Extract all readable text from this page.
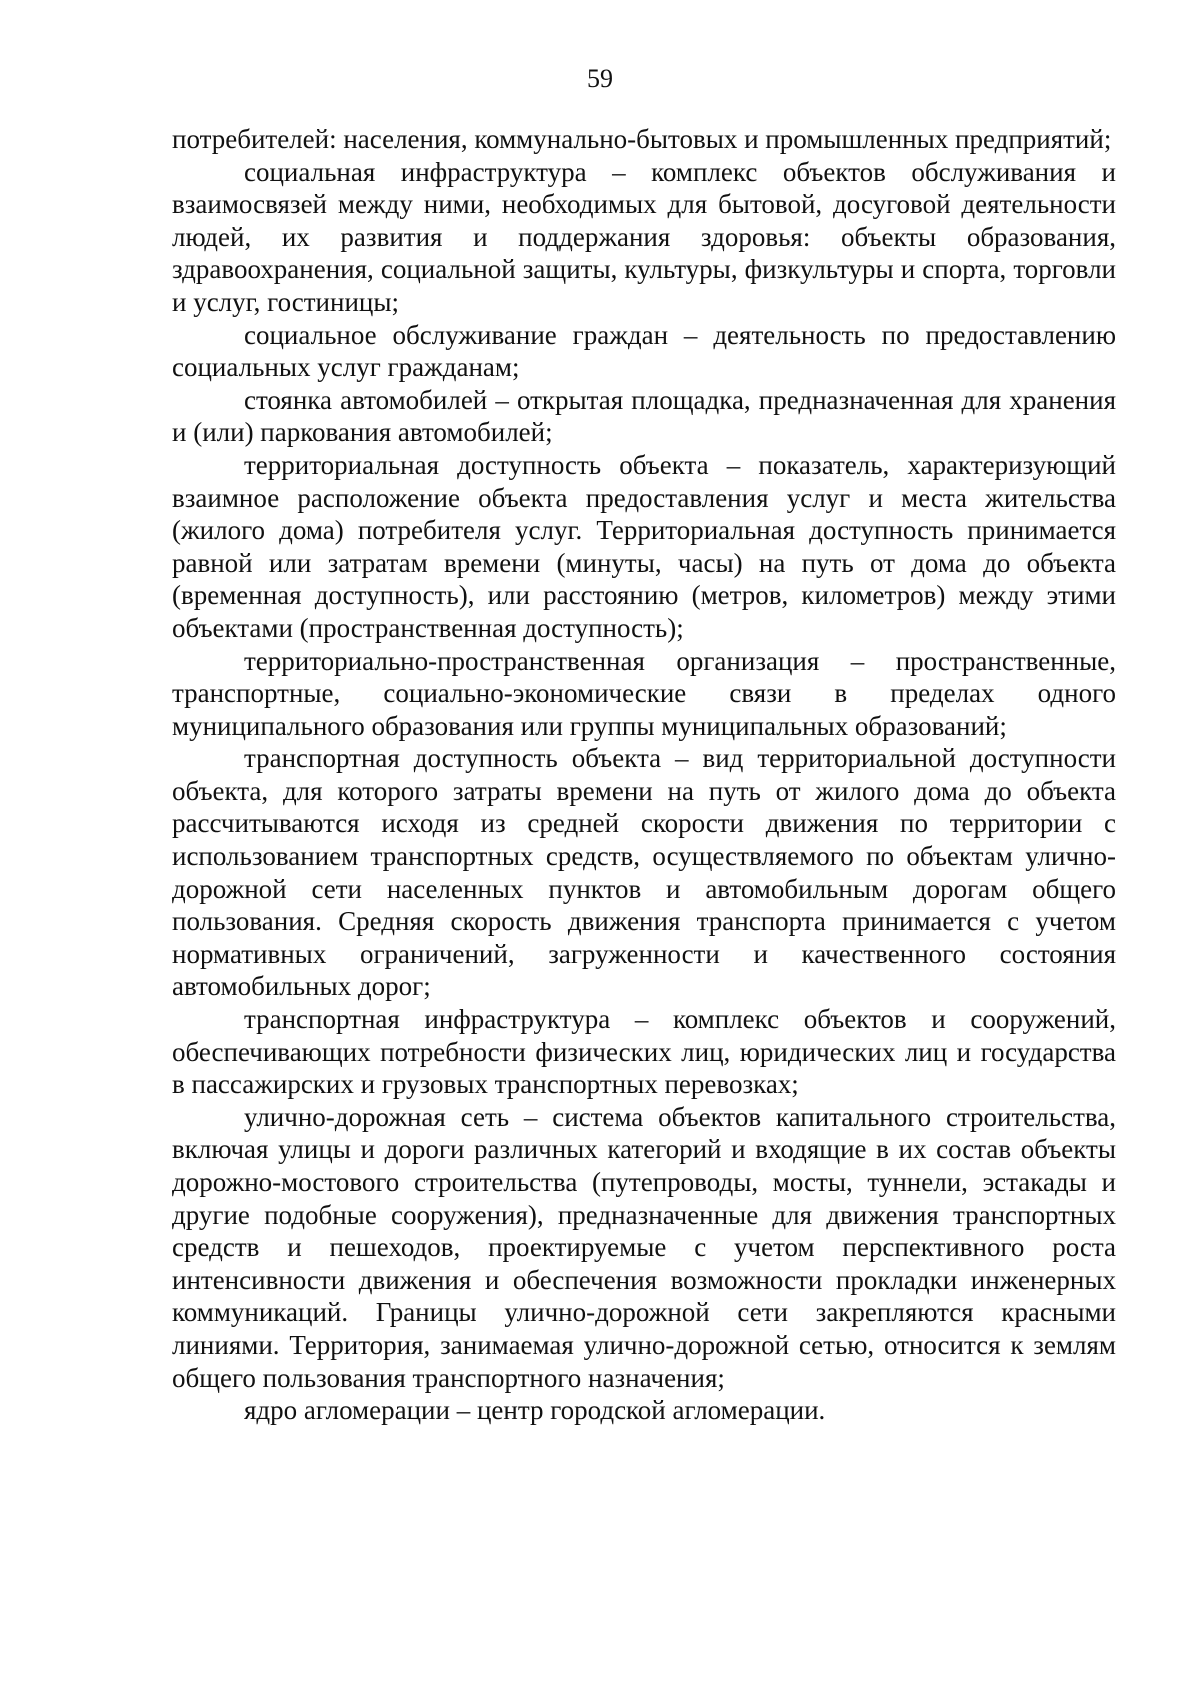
59

потребителей: населения, коммунально-бытовых и промышленных предприятий;

социальная инфраструктура – комплекс объектов обслуживания и взаимосвязей между ними, необходимых для бытовой, досуговой деятельности людей, их развития и поддержания здоровья: объекты образования, здравоохранения, социальной защиты, культуры, физкультуры и спорта, торговли и услуг, гостиницы;

социальное обслуживание граждан – деятельность по предоставлению социальных услуг гражданам;

стоянка автомобилей – открытая площадка, предназначенная для хранения и (или) паркования автомобилей;

территориальная доступность объекта – показатель, характеризующий взаимное расположение объекта предоставления услуг и места жительства (жилого дома) потребителя услуг. Территориальная доступность принимается равной или затратам времени (минуты, часы) на путь от дома до объекта (временная доступность), или расстоянию (метров, километров) между этими объектами (пространственная доступность);

территориально-пространственная организация – пространственные, транспортные, социально-экономические связи в пределах одного муниципального образования или группы муниципальных образований;

транспортная доступность объекта – вид территориальной доступности объекта, для которого затраты времени на путь от жилого дома до объекта рассчитываются исходя из средней скорости движения по территории с использованием транспортных средств, осуществляемого по объектам улично-дорожной сети населенных пунктов и автомобильным дорогам общего пользования. Средняя скорость движения транспорта принимается с учетом нормативных ограничений, загруженности и качественного состояния автомобильных дорог;

транспортная инфраструктура – комплекс объектов и сооружений, обеспечивающих потребности физических лиц, юридических лиц и государства в пассажирских и грузовых транспортных перевозках;

улично-дорожная сеть – система объектов капитального строительства, включая улицы и дороги различных категорий и входящие в их состав объекты дорожно-мостового строительства (путепроводы, мосты, туннели, эстакады и другие подобные сооружения), предназначенные для движения транспортных средств и пешеходов, проектируемые с учетом перспективного роста интенсивности движения и обеспечения возможности прокладки инженерных коммуникаций. Границы улично-дорожной сети закрепляются красными линиями. Территория, занимаемая улично-дорожной сетью, относится к землям общего пользования транспортного назначения;

ядро агломерации – центр городской агломерации.
